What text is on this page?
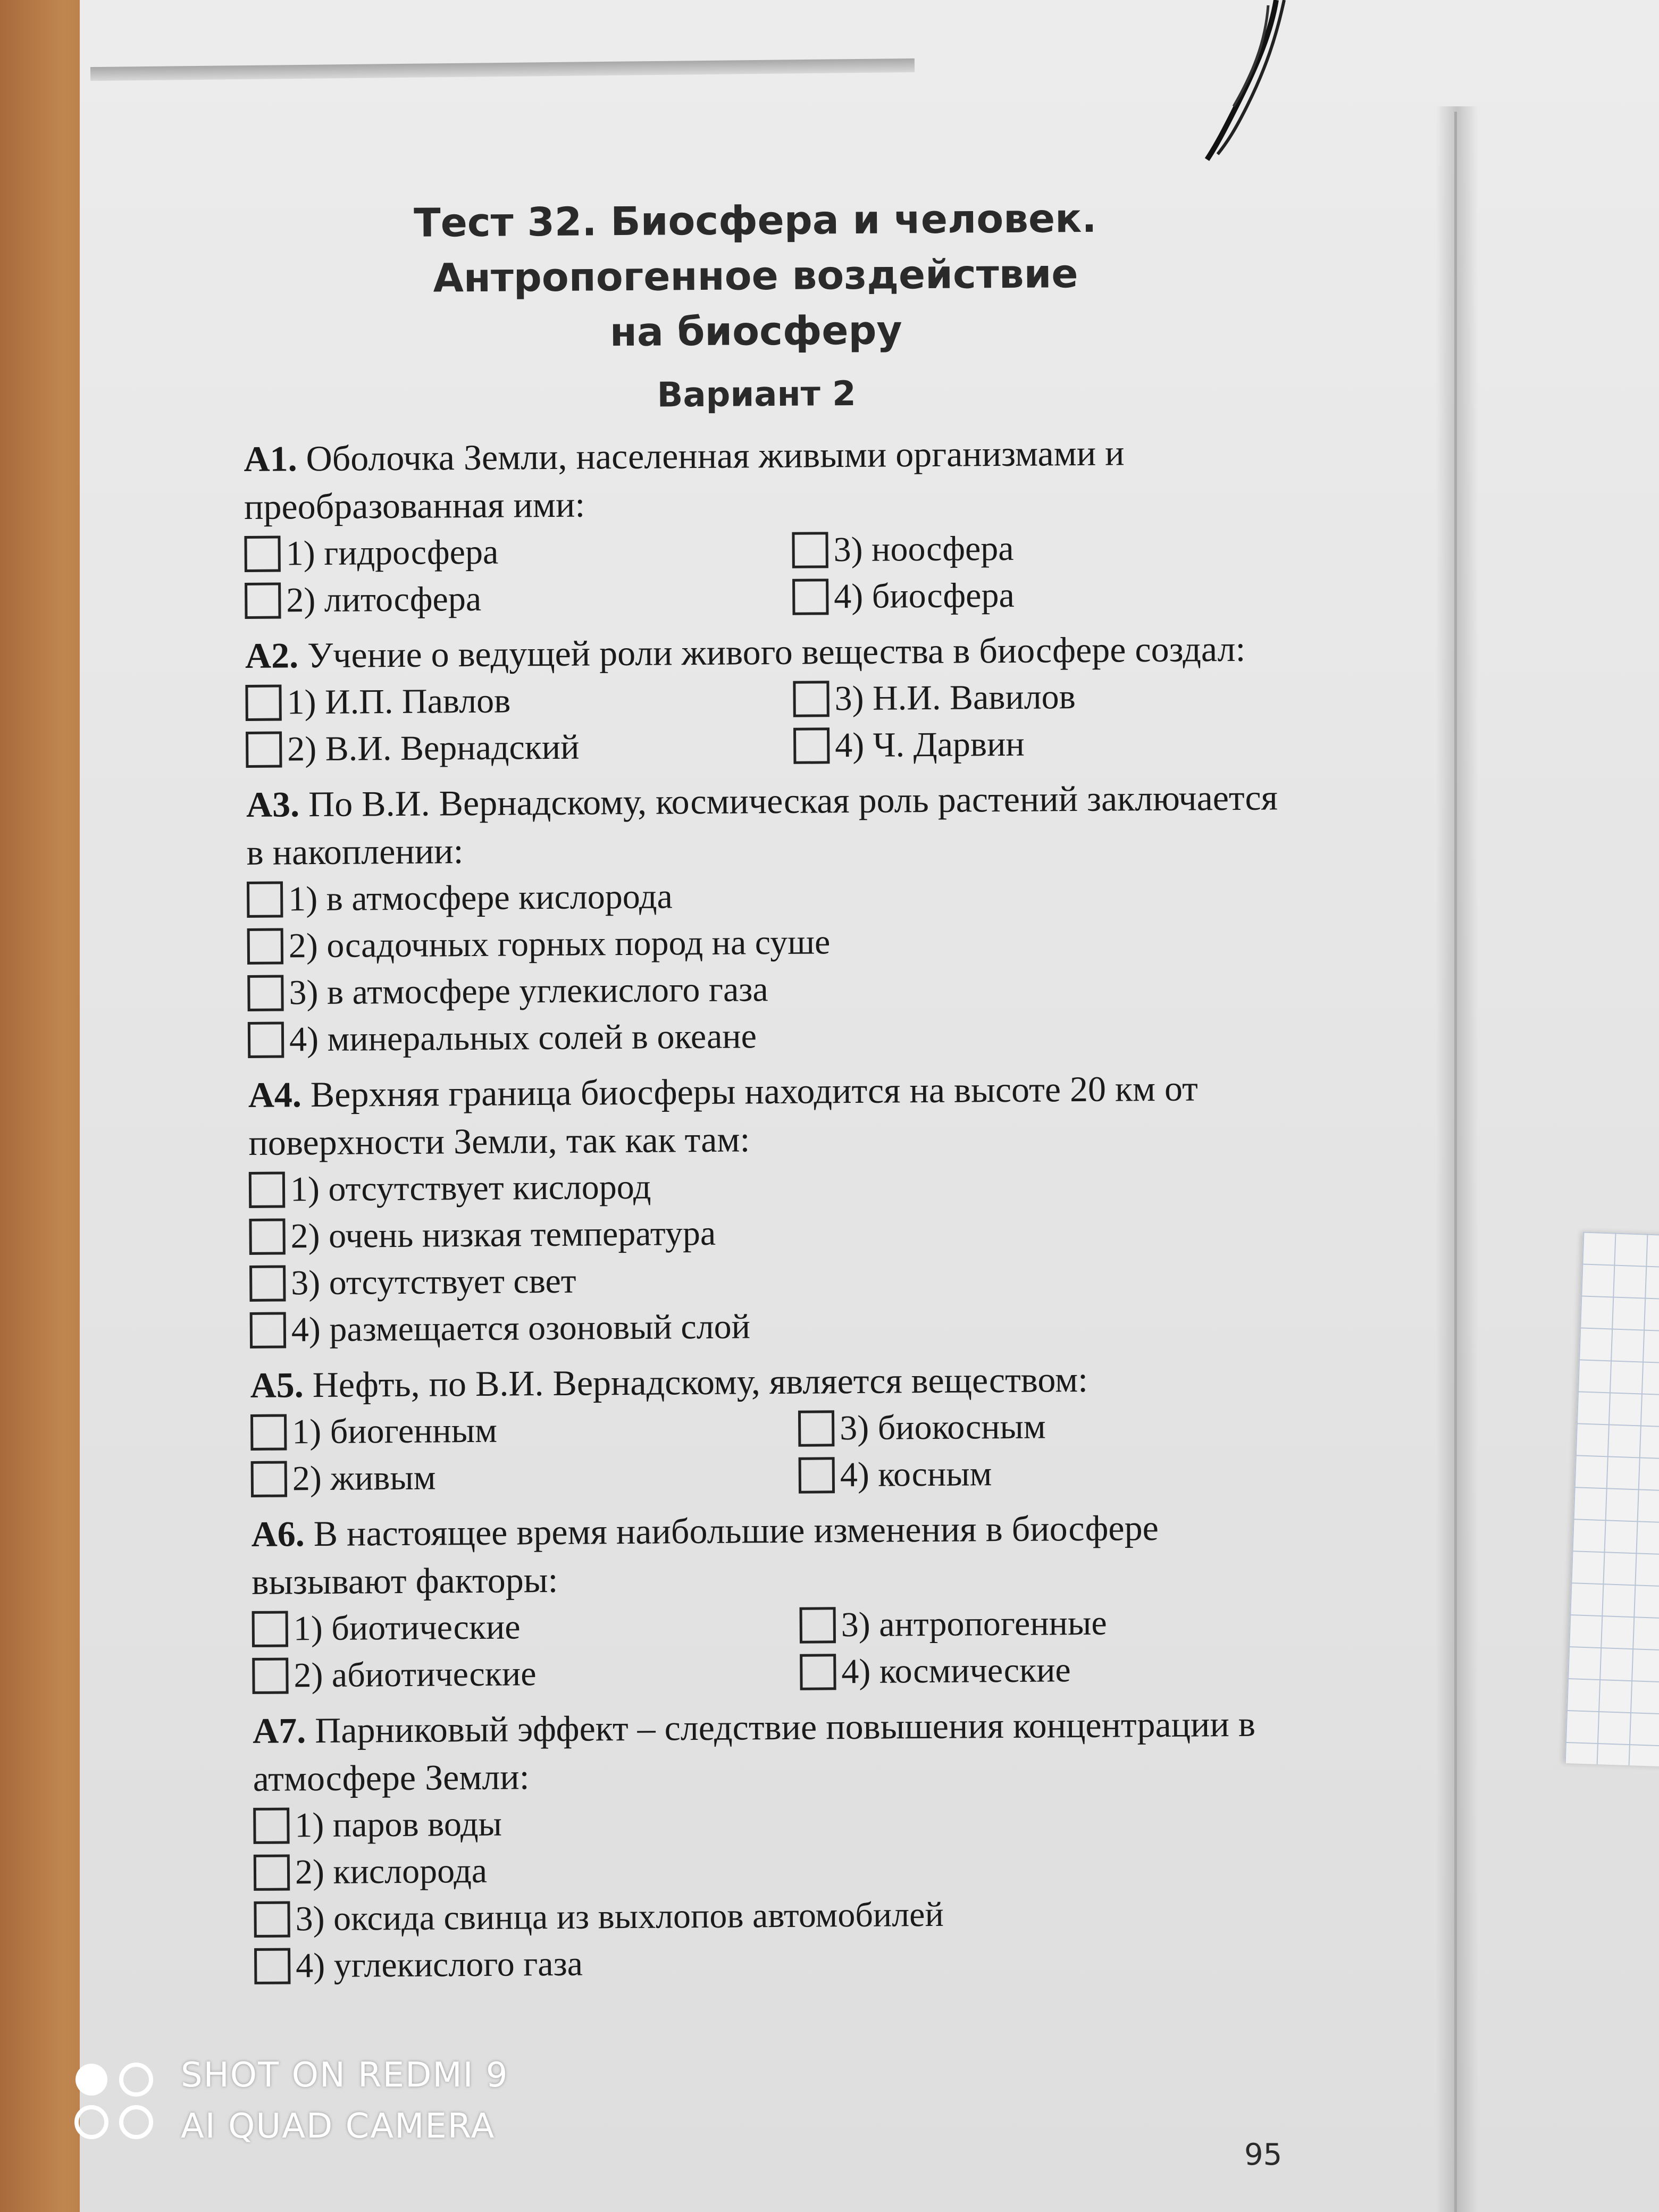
Тест 32. Биосфера и человек.
Антропогенное воздействие
на биосферу
Вариант 2
А1. Оболочка Земли, населенная живыми организмами и преобразованная ими:
1) гидросфера	3) ноосфера
2) литосфера	4) биосфера
А2. Учение о ведущей роли живого вещества в биосфере создал:
1) И.П. Павлов	3) Н.И. Вавилов
2) В.И. Вернадский	4) Ч. Дарвин
А3. По В.И. Вернадскому, космическая роль растений заключается в накоплении:
1) в атмосфере кислорода
2) осадочных горных пород на суше
3) в атмосфере углекислого газа
4) минеральных солей в океане
А4. Верхняя граница биосферы находится на высоте 20 км от поверхности Земли, так как там:
1) отсутствует кислород
2) очень низкая температура
3) отсутствует свет
4) размещается озоновый слой
А5. Нефть, по В.И. Вернадскому, является веществом:
1) биогенным	3) биокосным
2) живым	4) косным
А6. В настоящее время наибольшие изменения в биосфере вызывают факторы:
1) биотические	3) антропогенные
2) абиотические	4) космические
А7. Парниковый эффект – следствие повышения концентрации в атмосфере Земли:
1) паров воды
2) кислорода
3) оксида свинца из выхлопов автомобилей
4) углекислого газа
95
SHOT ON REDMI 9
AI QUAD CAMERA
